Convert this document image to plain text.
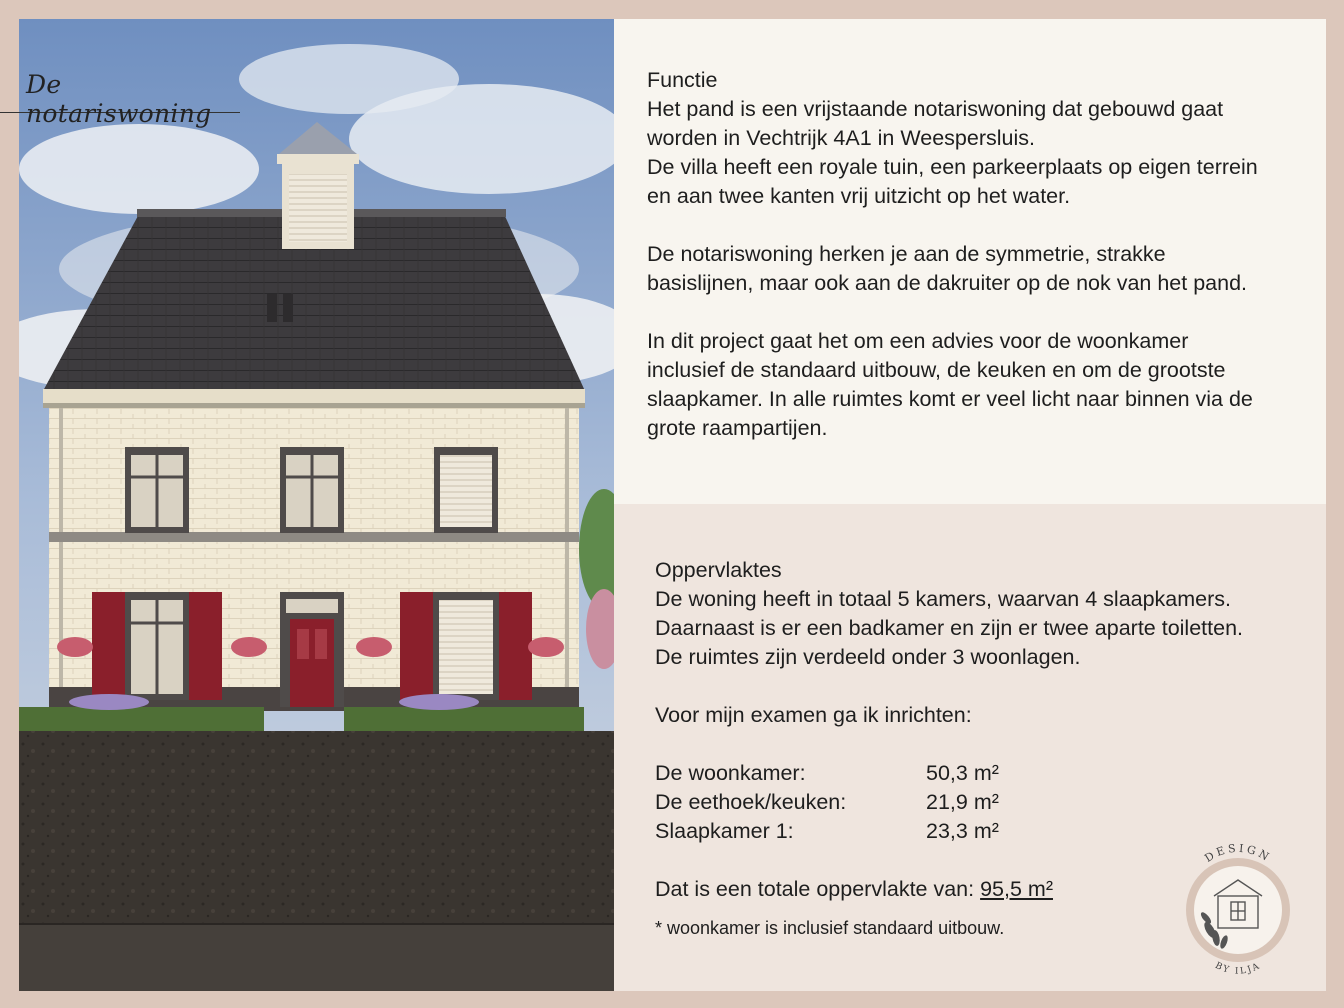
De notariswoning

Functie

Het pand is een vrijstaande notariswoning dat gebouwd gaat

worden in Vechtrijk 4A1 in Weespersluis.

De villa heeft een royale tuin, een parkeerplaats op eigen terrein

en aan twee kanten vrij uitzicht op het water.

De notariswoning herken je aan de symmetrie, strakke

basislijnen, maar ook aan de dakruiter op de nok van het pand.

In dit project gaat het om een advies voor de woonkamer

inclusief de standaard uitbouw, de keuken en om de grootste

slaapkamer. In alle ruimtes komt er veel licht naar binnen via de

grote raampartijen.

Oppervlaktes

De woning heeft in totaal 5 kamers, waarvan 4 slaapkamers.

Daarnaast is er een badkamer en zijn er twee aparte toiletten.

De ruimtes zijn verdeeld onder 3 woonlagen.

Voor mijn examen ga ik inrichten:

De woonkamer:	50,3 m²
De eethoek/keuken:	21,9 m²
Slaapkamer 1:	23,3 m²

Dat is een totale oppervlakte van: 95,5 m²

* woonkamer is inclusief standaard uitbouw.

DESIGN
BY ILJA
